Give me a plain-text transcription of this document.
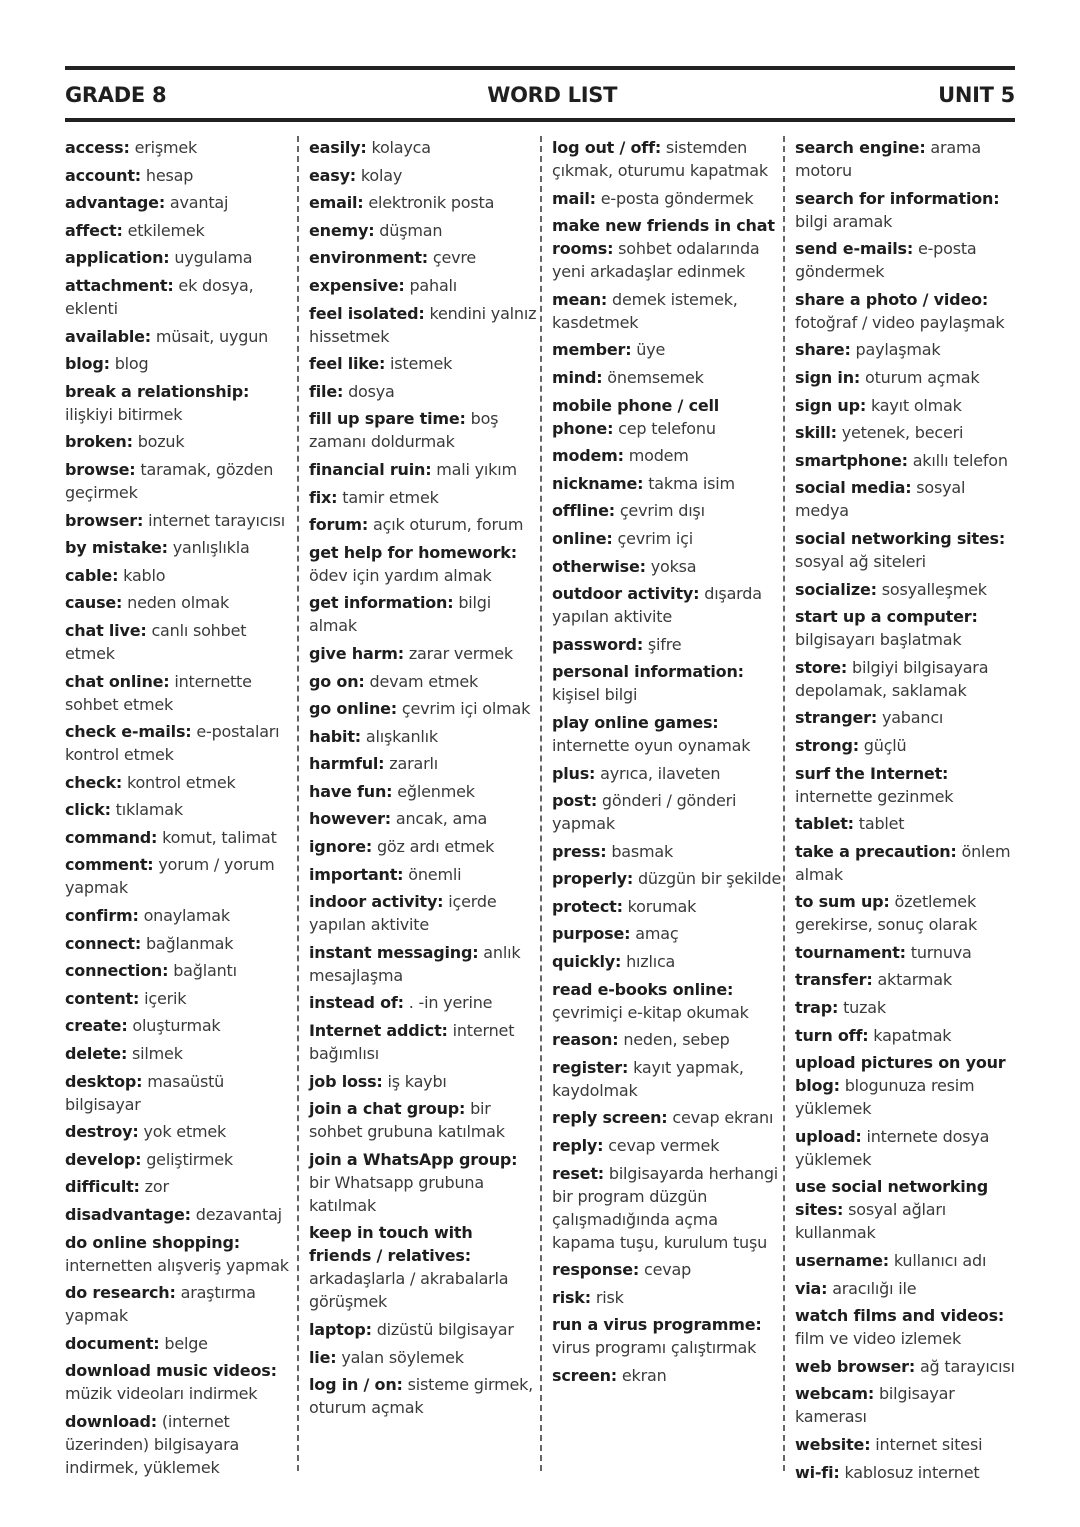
GRADE 8	WORD LIST	UNIT 5
access: erişmek
account: hesap
advantage: avantaj
affect: etkilemek
application: uygulama
attachment: ek dosya, eklenti
available: müsait, uygun
blog: blog
break a relationship: ilişkiyi bitirmek
broken: bozuk
browse: taramak, gözden geçirmek
browser: internet tarayıcısı
by mistake: yanlışlıkla
cable: kablo
cause: neden olmak
chat live: canlı sohbet etmek
chat online: internette sohbet etmek
check e-mails: e-postaları kontrol etmek
check: kontrol etmek
click: tıklamak
command: komut, talimat
comment: yorum / yorum yapmak
confirm: onaylamak
connect: bağlanmak
connection: bağlantı
content: içerik
create: oluşturmak
delete: silmek
desktop: masaüstü bilgisayar
destroy: yok etmek
develop: geliştirmek
difficult: zor
disadvantage: dezavantaj
do online shopping: internetten alışveriş yapmak
do research: araştırma yapmak
document: belge
download music videos: müzik videoları indirmek
download: (internet üzerinden) bilgisayara indirmek, yüklemek
easily: kolayca
easy: kolay
email: elektronik posta
enemy: düşman
environment: çevre
expensive: pahalı
feel isolated: kendini yalnız hissetmek
feel like: istemek
file: dosya
fill up spare time: boş zamanı doldurmak
financial ruin: mali yıkım
fix: tamir etmek
forum: açık oturum, forum
get help for homework: ödev için yardım almak
get information: bilgi almak
give harm: zarar vermek
go on: devam etmek
go online: çevrim içi olmak
habit: alışkanlık
harmful: zararlı
have fun: eğlenmek
however: ancak, ama
ignore: göz ardı etmek
important: önemli
indoor activity: içerde yapılan aktivite
instant messaging: anlık mesajlaşma
instead of: . -in yerine
Internet addict: internet bağımlısı
job loss: iş kaybı
join a chat group: bir sohbet grubuna katılmak
join a WhatsApp group: bir Whatsapp grubuna katılmak
keep in touch with friends / relatives: arkadaşlarla / akrabalarla görüşmek
laptop: dizüstü bilgisayar
lie: yalan söylemek
log in / on: sisteme girmek, oturum açmak
log out / off: sistemden çıkmak, oturumu kapatmak
mail: e-posta göndermek
make new friends in chat rooms: sohbet odalarında yeni arkadaşlar edinmek
mean: demek istemek, kasdetmek
member: üye
mind: önemsemek
mobile phone / cell phone: cep telefonu
modem: modem
nickname: takma isim
offline: çevrim dışı
online: çevrim içi
otherwise: yoksa
outdoor activity: dışarda yapılan aktivite
password: şifre
personal information: kişisel bilgi
play online games: internette oyun oynamak
plus: ayrıca, ilaveten
post: gönderi / gönderi yapmak
press: basmak
properly: düzgün bir şekilde
protect: korumak
purpose: amaç
quickly: hızlıca
read e-books online: çevrimiçi e-kitap okumak
reason: neden, sebep
register: kayıt yapmak, kaydolmak
reply screen: cevap ekranı
reply: cevap vermek
reset: bilgisayarda herhangi bir program düzgün çalışmadığında açma kapama tuşu, kurulum tuşu
response: cevap
risk: risk
run a virus programme: virus programı çalıştırmak
screen: ekran
search engine: arama motoru
search for information: bilgi aramak
send e-mails: e-posta göndermek
share a photo / video: fotoğraf / video paylaşmak
share: paylaşmak
sign in: oturum açmak
sign up: kayıt olmak
skill: yetenek, beceri
smartphone: akıllı telefon
social media: sosyal medya
social networking sites: sosyal ağ siteleri
socialize: sosyalleşmek
start up a computer: bilgisayarı başlatmak
store: bilgiyi bilgisayara depolamak, saklamak
stranger: yabancı
strong: güçlü
surf the Internet: internette gezinmek
tablet: tablet
take a precaution: önlem almak
to sum up: özetlemek gerekirse, sonuç olarak
tournament: turnuva
transfer: aktarmak
trap: tuzak
turn off: kapatmak
upload pictures on your blog: blogunuza resim yüklemek
upload: internete dosya yüklemek
use social networking sites: sosyal ağları kullanmak
username: kullanıcı adı
via: aracılığı ile
watch films and videos: film ve video izlemek
web browser: ağ tarayıcısı
webcam: bilgisayar kamerası
website: internet sitesi
wi-fi: kablosuz internet
